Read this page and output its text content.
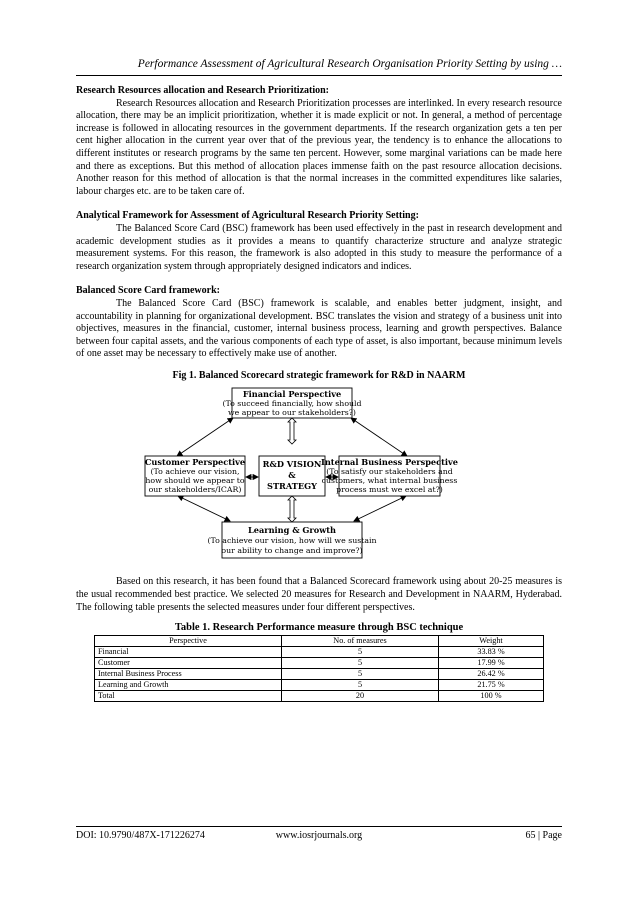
Performance Assessment of Agricultural Research Organisation Priority Setting by using …

Research Resources allocation and Research Prioritization:

Research Resources allocation and Research Prioritization processes are interlinked. In every research resource allocation, there may be an implicit prioritization, whether it is made explicit or not. In general, a method of percentage increase is followed in allocating resources in the government departments. If the research organization gets a ten per cent higher allocation in the current year over that of the previous year, the tendency is to enhance the allocations to different institutes or research programs by the same ten percent. However, some marginal variations can be made here and there as exceptions. But this method of allocation places immense faith on the past resource allocation decisions. Another reason for this method of allocation is that the normal increases in the committed expenditures like salaries, labour charges etc. are to be taken care of.

Analytical Framework for Assessment of Agricultural Research Priority Setting:

The Balanced Score Card (BSC) framework has been used effectively in the past in research development and academic development studies as it provides a means to quantify characterize structure and analyze strategic measurement systems. For this reason, the framework is also adopted in this study to measure the performance of a research organization system through appropriately designed indicators and indices.

Balanced Score Card framework:

The Balanced Score Card (BSC) framework is scalable, and enables better judgment, insight, and accountability in planning for organizational development. BSC translates the vision and strategy of a business unit into objectives, measures in the financial, customer, internal business process, learning and growth perspectives. Balance between four capital assets, and the various components of each type of asset, is also important, because minimum levels of one asset may be necessary to effectively make use of another.

Fig 1. Balanced Scorecard strategic framework for R&D in NAARM
Financial Perspective
(To succeed financially, how should
we appear to our stakeholders?)
Customer Perspective
(To achieve our vision,
how should we appear to
our stakeholders/ICAR)
R&D VISION
&
STRATEGY
Internal Business Perspective
(To satisfy our stakeholders and
customers, what internal business
process must we excel at?)
Learning & Growth
(To achieve our vision, how will we sustain
our ability to change and improve?)

Based on this research, it has been found that a Balanced Scorecard framework using about 20-25 measures is the usual recommended best practice. We selected 20 measures for Research and Development in NAARM, Hyderabad. The following table presents the selected measures under four different perspectives.

Table 1. Research Performance measure through BSC technique
Perspective	No. of measures	Weight
Financial	5	33.83 %
Customer	5	17.99 %
Internal Business Process	5	26.42 %
Learning and Growth	5	21.75 %
Total	20	100 %
DOI: 10.9790/487X-171226274	www.iosrjournals.org	65 | Page
